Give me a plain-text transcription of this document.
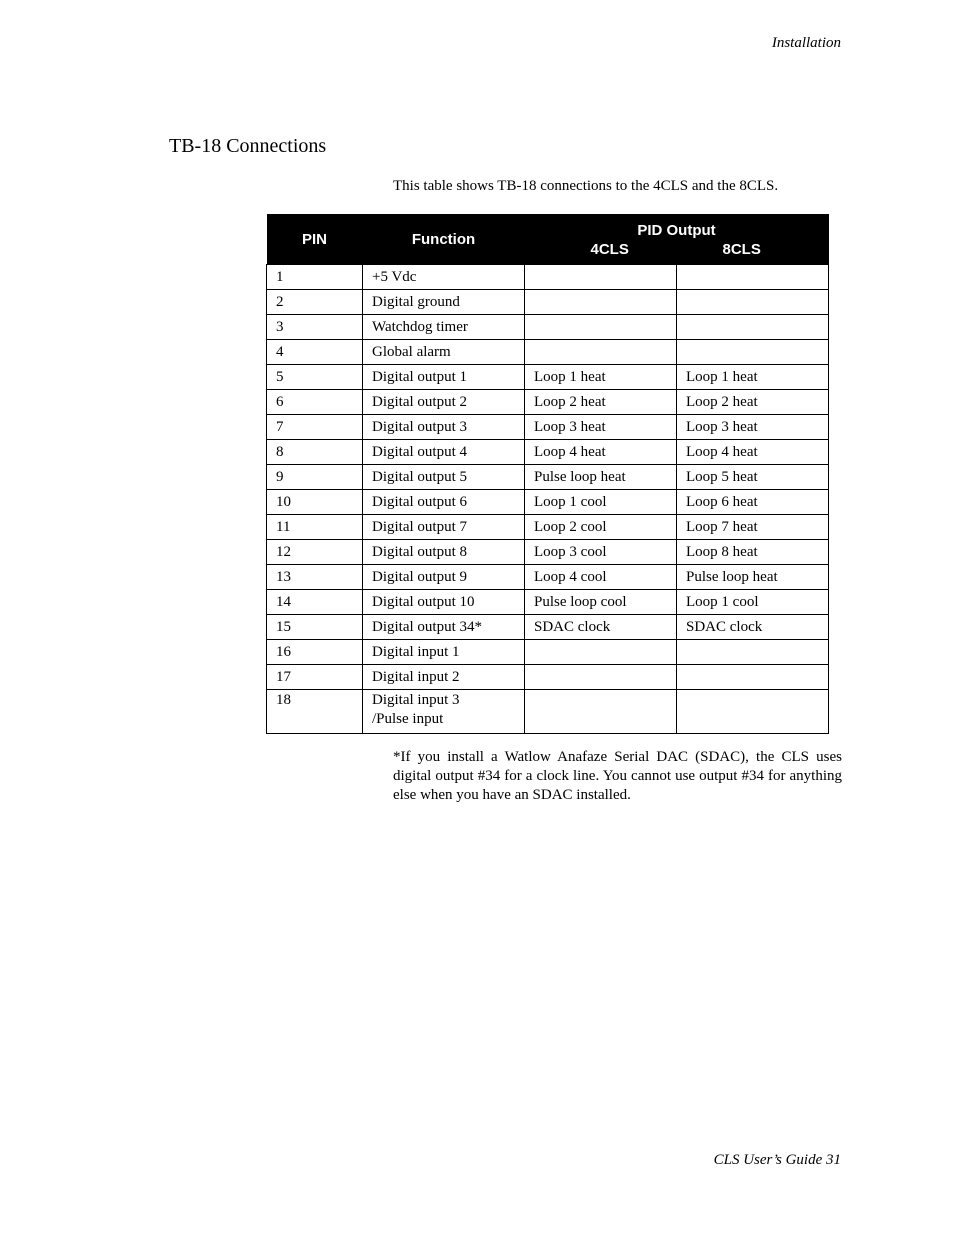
Installation
TB-18 Connections

This table shows TB-18 connections to the 4CLS and the 8CLS.

PIN	Function	PID Output
4CLS 8CLS	

1	+5 Vdc		
2	Digital ground		
3	Watchdog timer		
4	Global alarm		
5	Digital output 1	Loop 1 heat	Loop 1 heat
6	Digital output 2	Loop 2 heat	Loop 2 heat
7	Digital output 3	Loop 3 heat	Loop 3 heat
8	Digital output 4	Loop 4 heat	Loop 4 heat
9	Digital output 5	Pulse loop heat	Loop 5 heat
10	Digital output 6	Loop 1 cool	Loop 6 heat
11	Digital output 7	Loop 2 cool	Loop 7 heat
12	Digital output 8	Loop 3 cool	Loop 8 heat
13	Digital output 9	Loop 4 cool	Pulse loop heat
14	Digital output 10	Pulse loop cool	Loop 1 cool
15	Digital output 34*	SDAC clock	SDAC clock
16	Digital input 1		
17	Digital input 2		
18	Digital input 3
/Pulse input		

*If you install a Watlow Anafaze Serial DAC (SDAC), the CLS uses digital output #34 for a clock line. You cannot use output #34 for anything else when you have an SDAC installed.

CLS User’s Guide 31
